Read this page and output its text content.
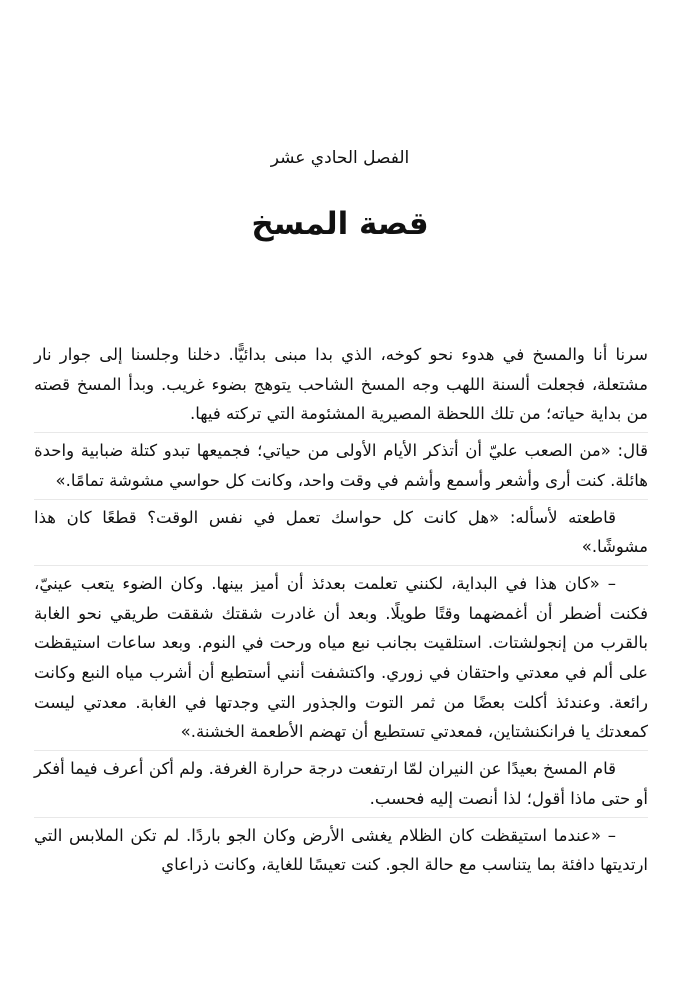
الفصل الحادي عشر
قصة المسخ

سرنا أنا والمسخ في هدوء نحو كوخه، الذي بدا مبنى بدائيًّا. دخلنا وجلسنا إلى جوار نار مشتعلة، فجعلت ألسنة اللهب وجه المسخ الشاحب يتوهج بضوء غريب. وبدأ المسخ قصته من بداية حياته؛ من تلك اللحظة المصيرية المشئومة التي تركته فيها.

قال: «من الصعب عليّ أن أتذكر الأيام الأولى من حياتي؛ فجميعها تبدو كتلة ضبابية واحدة هائلة. كنت أرى وأشعر وأسمع وأشم في وقت واحد، وكانت كل حواسي مشوشة تمامًا.»

قاطعته لأسأله: «هل كانت كل حواسك تعمل في نفس الوقت؟ قطعًا كان هذا مشوشًا.»

– «كان هذا في البداية، لكنني تعلمت بعدئذ أن أميز بينها. وكان الضوء يتعب عينيّ، فكنت أضطر أن أغمضهما وقتًا طويلًا. وبعد أن غادرت شقتك شققت طريقي نحو الغابة بالقرب من إنجولشتات. استلقيت بجانب نبع مياه ورحت في النوم. وبعد ساعات استيقظت على ألم في معدتي واحتقان في زوري. واكتشفت أنني أستطيع أن أشرب مياه النبع وكانت رائعة. وعندئذ أكلت بعضًا من ثمر التوت والجذور التي وجدتها في الغابة. معدتي ليست كمعدتك يا فرانكنشتاين، فمعدتي تستطيع أن تهضم الأطعمة الخشنة.»

قام المسخ بعيدًا عن النيران لمّا ارتفعت درجة حرارة الغرفة. ولم أكن أعرف فيما أفكر أو حتى ماذا أقول؛ لذا أنصت إليه فحسب.

– «عندما استيقظت كان الظلام يغشى الأرض وكان الجو باردًا. لم تكن الملابس التي ارتديتها دافئة بما يتناسب مع حالة الجو. كنت تعيسًا للغاية، وكانت ذراعاي
